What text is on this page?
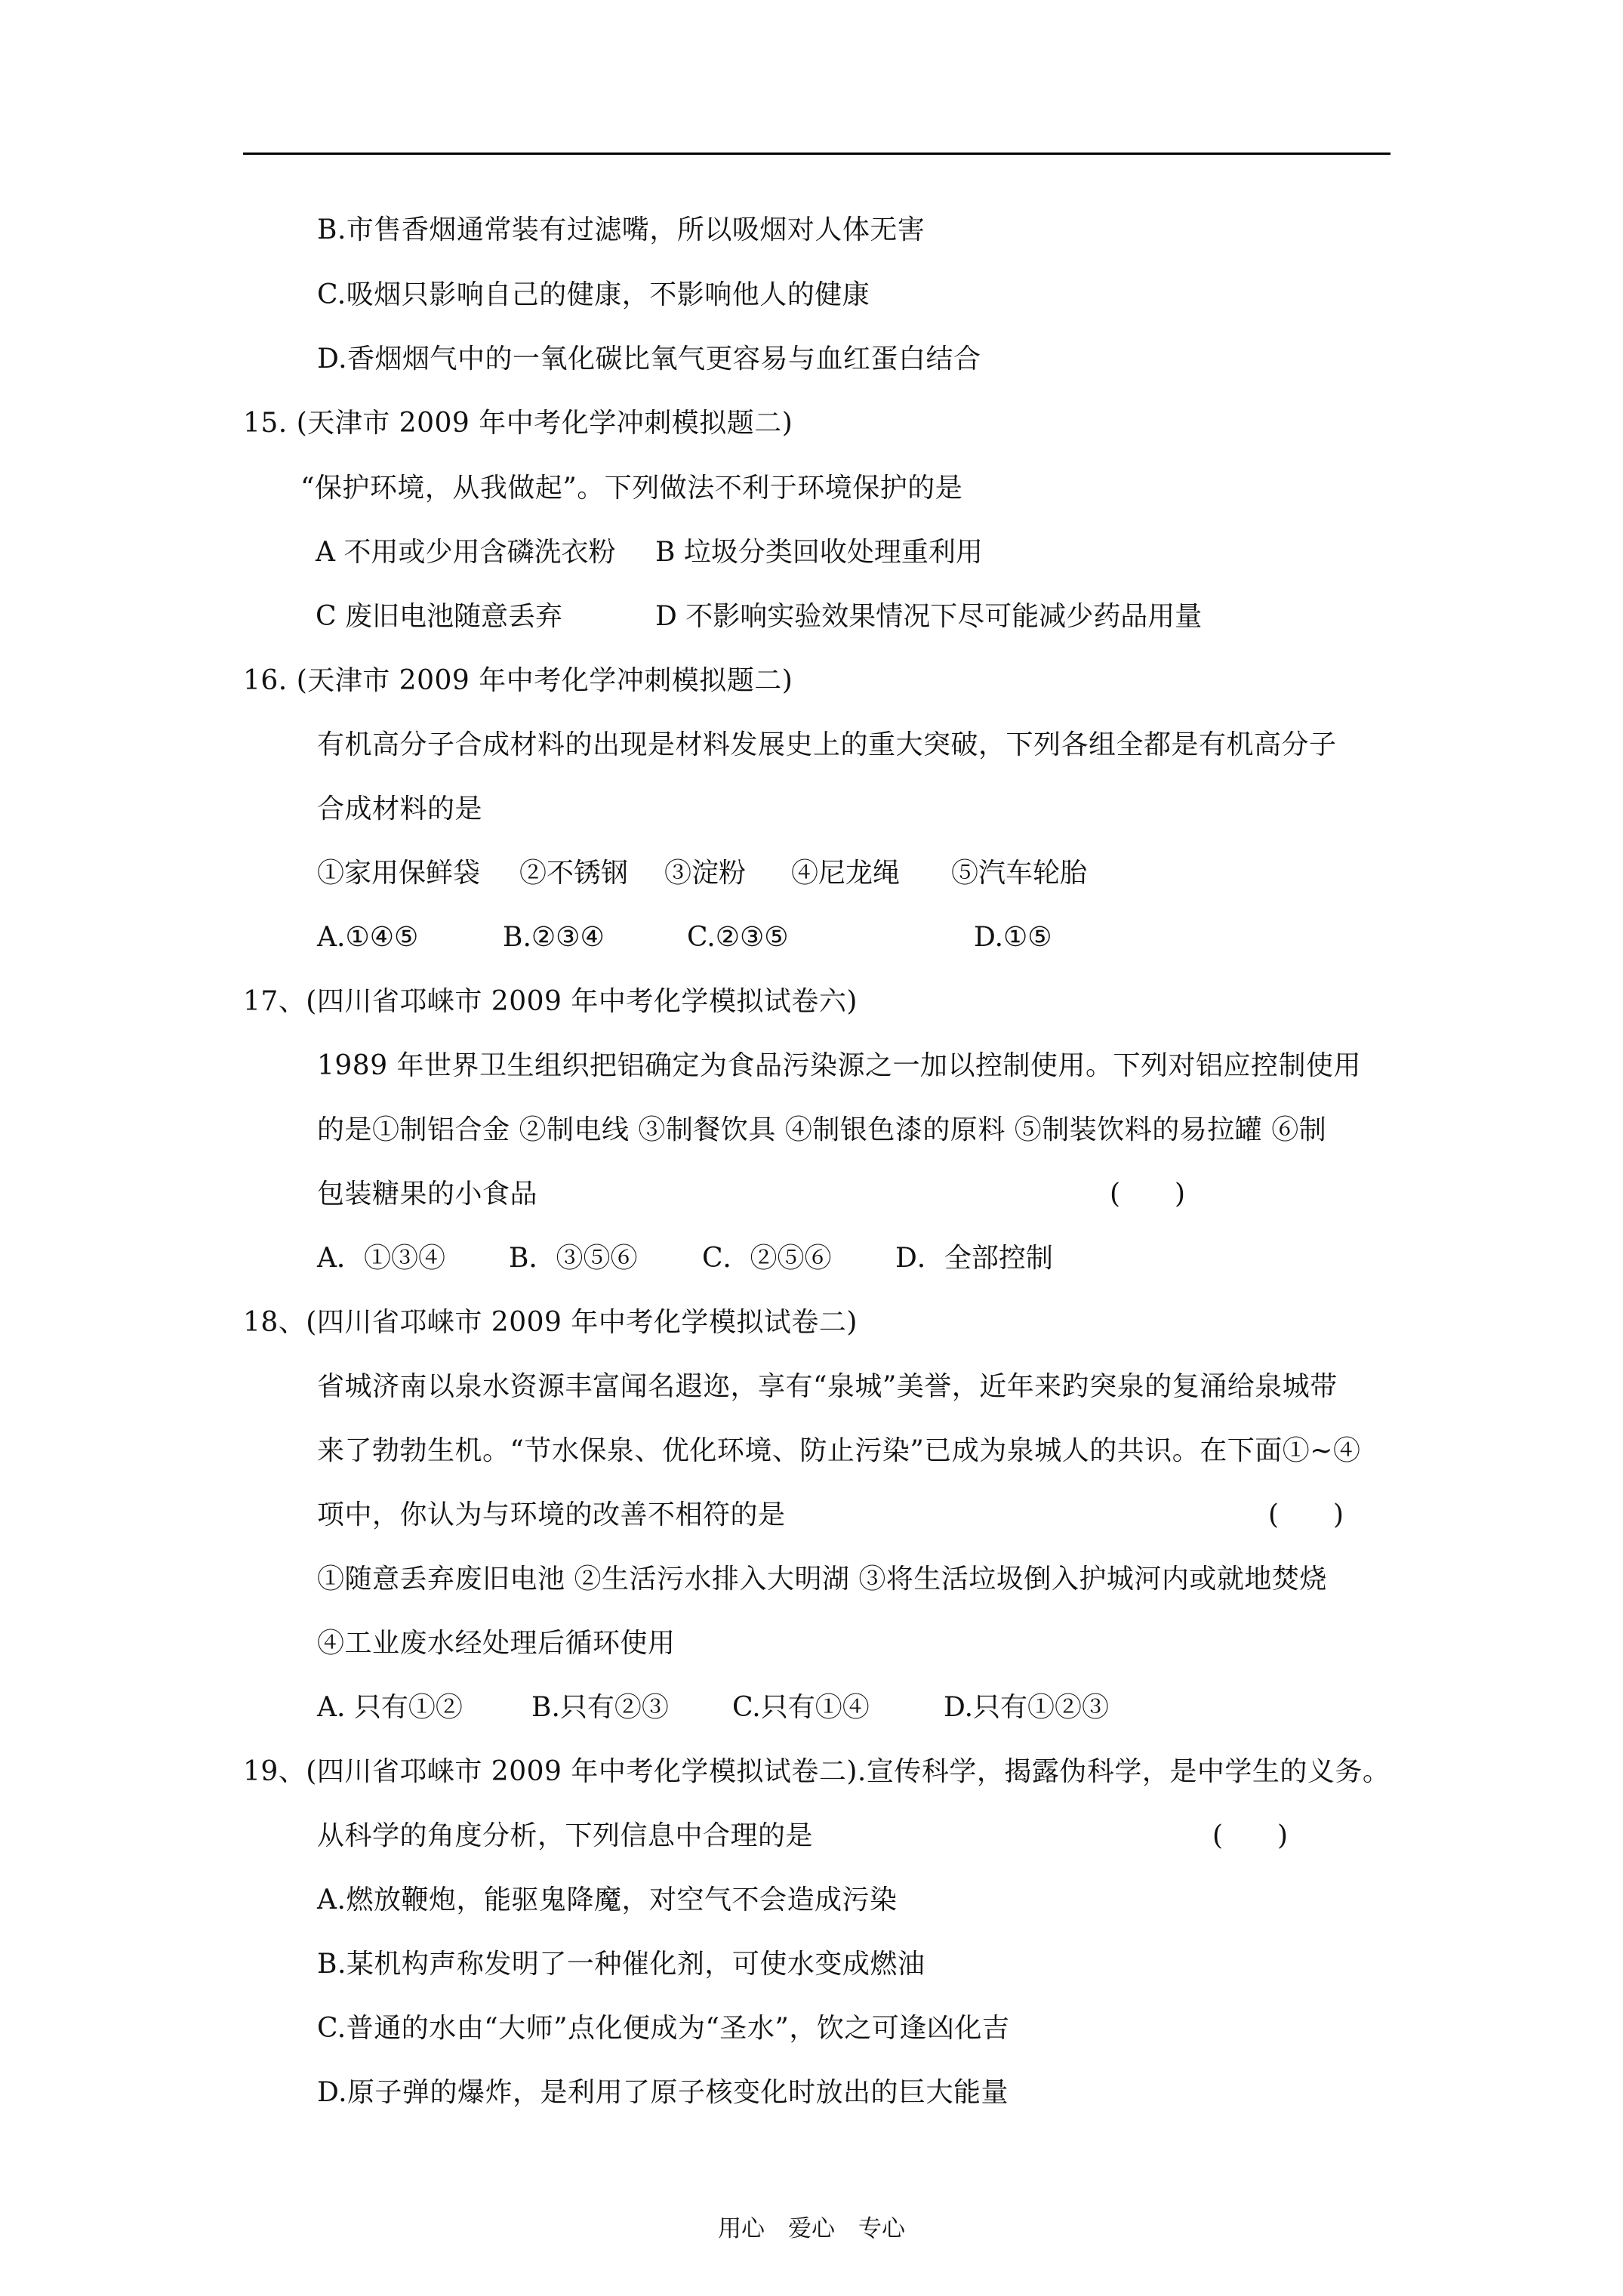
B.市售香烟通常装有过滤嘴，所以吸烟对人体无害
C.吸烟只影响自己的健康，不影响他人的健康
D.香烟烟气中的一氧化碳比氧气更容易与血红蛋白结合
15. (天津市 2009 年中考化学冲刺模拟题二)
“保护环境，从我做起”。下列做法不利于环境保护的是
A 不用或少用含磷洗衣粉 B 垃圾分类回收处理重利用
C 废旧电池随意丢弃	D 不影响实验效果情况下尽可能减少药品用量
16. (天津市 2009 年中考化学冲刺模拟题二)
有机高分子合成材料的出现是材料发展史上的重大突破，下列各组全都是有机高分子
合成材料的是
①家用保鲜袋 ②不锈钢 ③淀粉 ④尼龙绳 ⑤汽车轮胎
A.①④⑤	B.②③④	C.②③⑤	D.①⑤
17、(四川省邛崃市 2009 年中考化学模拟试卷六)
1989 年世界卫生组织把铝确定为食品污染源之一加以控制使用。下列对铝应控制使用
的是①制铝合金 ②制电线 ③制餐饮具 ④制银色漆的原料 ⑤制装饮料的易拉罐 ⑥制
包装糖果的小食品	(　　)
A．①③④ B．③⑤⑥ C．②⑤⑥ D．全部控制
18、(四川省邛崃市 2009 年中考化学模拟试卷二)
省城济南以泉水资源丰富闻名遐迩，享有“泉城”美誉，近年来趵突泉的复涌给泉城带
来了勃勃生机。“节水保泉、优化环境、防止污染”已成为泉城人的共识。在下面①~④
项中，你认为与环境的改善不相符的是	(　　)
①随意丢弃废旧电池 ②生活污水排入大明湖 ③将生活垃圾倒入护城河内或就地焚烧
④工业废水经处理后循环使用
A. 只有①②	B.只有②③ C.只有①④	D.只有①②③
19、(四川省邛崃市 2009 年中考化学模拟试卷二).宣传科学，揭露伪科学，是中学生的义务。
从科学的角度分析，下列信息中合理的是	(　　)
A.燃放鞭炮，能驱鬼降魔，对空气不会造成污染
B.某机构声称发明了一种催化剂，可使水变成燃油
C.普通的水由“大师”点化便成为“圣水”，饮之可逢凶化吉
D.原子弹的爆炸，是利用了原子核变化时放出的巨大能量
用心　爱心　专心
